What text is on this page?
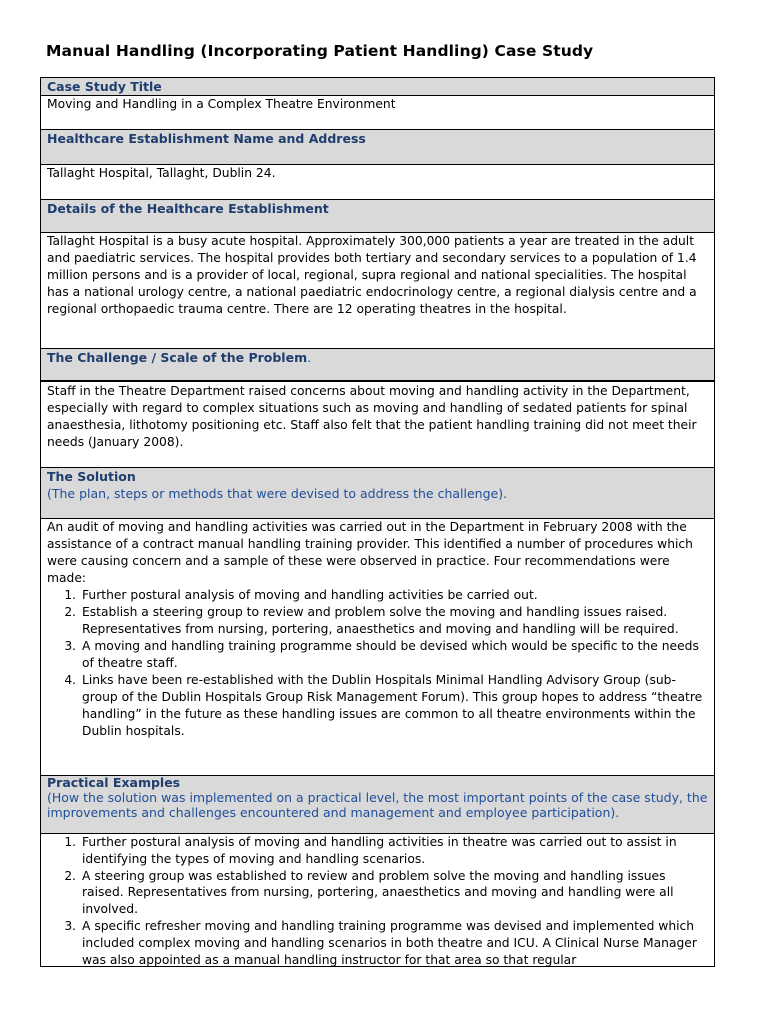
Manual Handling (Incorporating Patient Handling) Case Study
Case Study Title

Moving and Handling in a Complex Theatre Environment

Healthcare Establishment Name and Address

Tallaght Hospital, Tallaght, Dublin 24.

Details of the Healthcare Establishment

Tallaght Hospital is a busy acute hospital. Approximately 300,000 patients a year are treated in the adult and paediatric services. The hospital provides both tertiary and secondary services to a population of 1.4 million persons and is a provider of local, regional, supra regional and national specialities. The hospital has a national urology centre, a national paediatric endocrinology centre, a regional dialysis centre and a regional orthopaedic trauma centre. There are 12 operating theatres in the hospital.

The Challenge / Scale of the Problem.

Staff in the Theatre Department raised concerns about moving and handling activity in the Department, especially with regard to complex situations such as moving and handling of sedated patients for spinal anaesthesia, lithotomy positioning etc. Staff also felt that the patient handling training did not meet their needs (January 2008).

The Solution
(The plan, steps or methods that were devised to address the challenge).

An audit of moving and handling activities was carried out in the Department in February 2008 with the assistance of a contract manual handling training provider. This identified a number of procedures which were causing concern and a sample of these were observed in practice. Four recommendations were made:

1. Further postural analysis of moving and handling activities be carried out.
2. Establish a steering group to review and problem solve the moving and handling issues raised. Representatives from nursing, portering, anaesthetics and moving and handling will be required.
3. A moving and handling training programme should be devised which would be specific to the needs of theatre staff.
4. Links have been re-established with the Dublin Hospitals Minimal Handling Advisory Group (sub-group of the Dublin Hospitals Group Risk Management Forum). This group hopes to address “theatre handling” in the future as these handling issues are common to all theatre environments within the Dublin hospitals.
Practical Examples
(How the solution was implemented on a practical level, the most important points of the case study, the improvements and challenges encountered and management and employee participation).
1. Further postural analysis of moving and handling activities in theatre was carried out to assist in identifying the types of moving and handling scenarios.
2. A steering group was established to review and problem solve the moving and handling issues raised. Representatives from nursing, portering, anaesthetics and moving and handling were all involved.
3. A specific refresher moving and handling training programme was devised and implemented which included complex moving and handling scenarios in both theatre and ICU. A Clinical Nurse Manager was also appointed as a manual handling instructor for that area so that regular
